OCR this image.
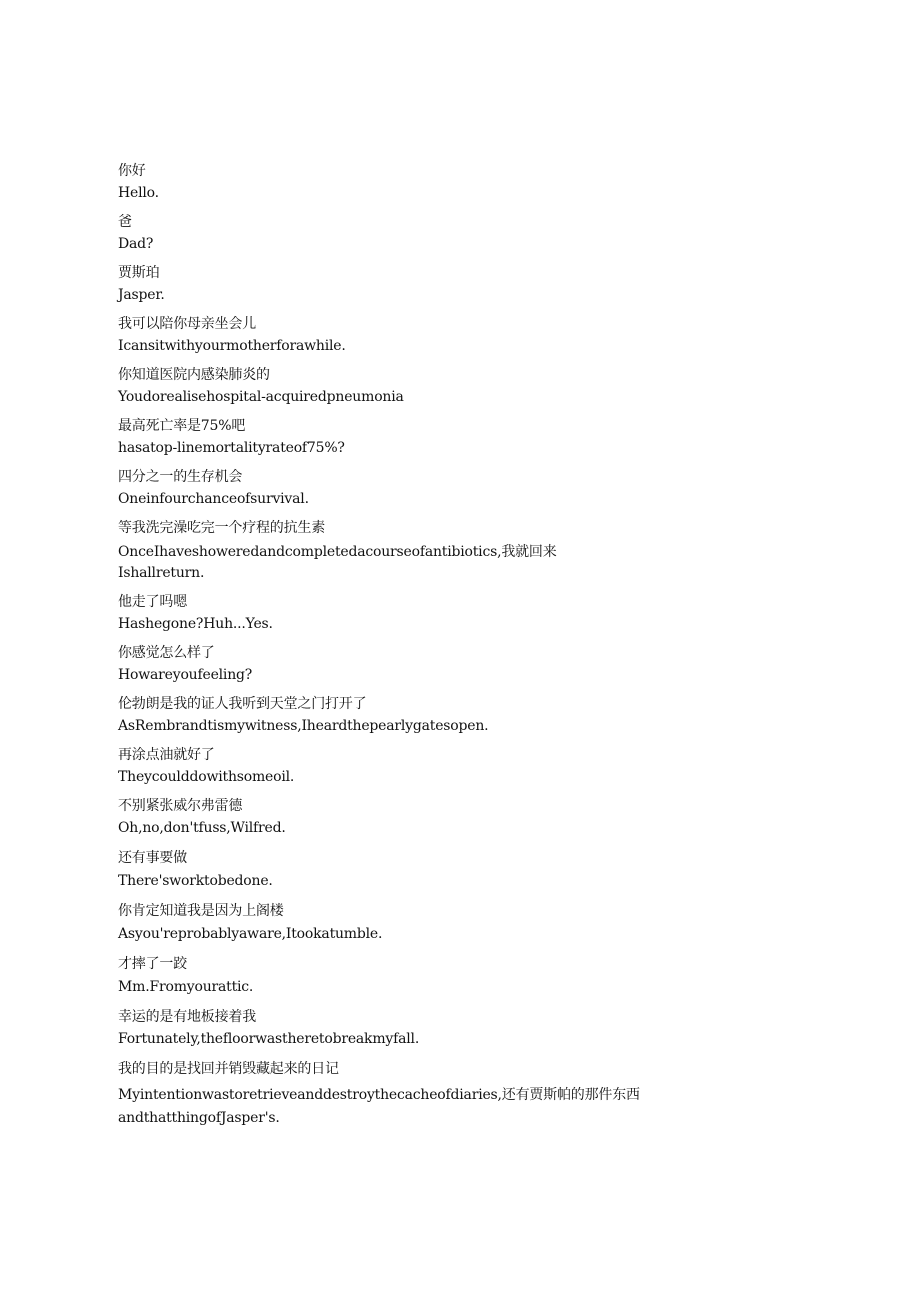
你好
Hello.
爸
Dad?
贾斯珀
Jasper.
我可以陪你母亲坐会儿
Icansitwithyourmotherforawhile.
你知道医院内感染肺炎的
Youdorealisehospital-acquiredpneumonia
最高死亡率是75%吧
hasatop-linemortalityrateof75%?
四分之一的生存机会
Oneinfourchanceofsurvival.
等我洗完澡吃完一个疗程的抗生素
OnceIhaveshoweredandcompletedacourseofantibiotics,我就回来
Ishallreturn.
他走了吗嗯
Hashegone?Huh...Yes.
你感觉怎么样了
Howareyoufeeling?
伦勃朗是我的证人我听到天堂之门打开了
AsRembrandtismywitness,Iheardthepearlygatesopen.
再涂点油就好了
Theycoulddowithsomeoil.
不别紧张威尔弗雷德
Oh,no,don'tfuss,Wilfred.
还有事要做
There'sworktobedone.
你肯定知道我是因为上阁楼
Asyou'reprobablyaware,Itookatumble.
才摔了一跤
Mm.Fromyourattic.
幸运的是有地板接着我
Fortunately,thefloorwastheretobreakmyfall.
我的目的是找回并销毁藏起来的日记
Myintentionwastoretrieveanddestroythecacheofdiaries,还有贾斯帕的那件东西
andthatthingofJasper's.
